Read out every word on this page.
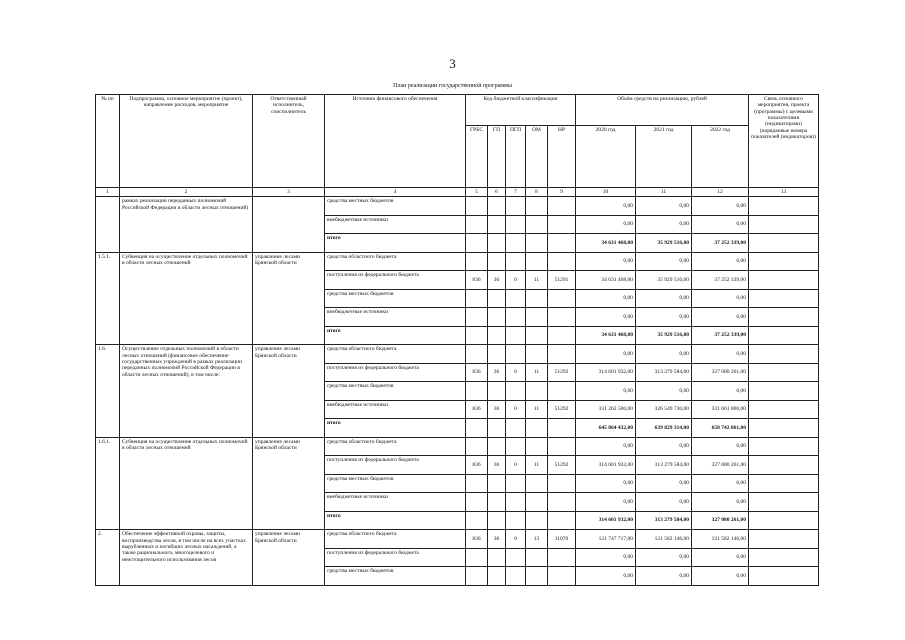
3
План реализации государственной программы
№ пп	Подпрограмма, основное мероприятие (проект), направление расходов, мероприятие	Ответственный исполнитель, соисполнитель	Источник финансового обеспечения	Код бюджетной классификации					Объём средств на реализацию, рублей			Связь основного мероприятия, проекта (программы) с целевыми показателями (индикаторами) (порядковые номера показателей (индикаторов))
				ГРБС	ГП	ПГП	ОМ	НР	2020 год	2021 год	2022 год	
1	2	3	4	5	6	7	8	9	10	11	12	13
	рамках реализации переданных полномочий Российской Федерации в области лесных отношений)		средства местных бюджетов						0,00	0,00	0,00	
			внебюджетные источники						0,00	0,00	0,00	
			итого						34 631 468,00	35 929 516,00	37 252 339,00	
1.5.1.	Субвенция на осуществление отдельных полномочий в области лесных отношений	управление лесами Брянской области	средства областного бюджета						0,00	0,00	0,00	
			поступления из федерального бюджета	836	36	0	11	51291	34 631 468,00	35 929 516,00	37 252 339,00	
			средства местных бюджетов						0,00	0,00	0,00	
			внебюджетные источники						0,00	0,00	0,00	
			итого						34 631 468,00	35 929 516,00	37 252 339,00	
1.6.	Осуществление отдельных полномочий в области лесных отношений (финансовое обеспечение государственных учреждений в рамках реализации переданных полномочий Российской Федерации в области лесных отношений), в том числе:	управление лесами Брянской области	средства областного бюджета						0,00	0,00	0,00	
			поступления из федерального бюджета	836	36	0	11	51292	314 601 932,00	313 279 584,00	327 080 261,00	
			средства местных бюджетов						0,00	0,00	0,00	
			внебюджетные источники	836	36	0	11	51292	331 262 500,00	326 549 730,00	331 661 800,00	
			итого						645 864 432,00	639 829 314,00	658 742 061,00	
1.6.1.	Субвенция на осуществление отдельных полномочий в области лесных отношений	управление лесами Брянской области	средства областного бюджета						0,00	0,00	0,00	
			поступления из федерального бюджета	836	36	0	11	51292	314 601 932,00	313 279 584,00	327 080 261,00	
			средства местных бюджетов						0,00	0,00	0,00	
			внебюджетные источники						0,00	0,00	0,00	
			итого						314 601 932,00	313 279 584,00	327 080 261,00	
2.	Обеспечение эффективной охраны, защиты, воспроизводства лесов, в том числе на всех участках вырубленных и погибших лесных насаждений, а также рационального, многоцелевого и неистощительного использования лесов	управление лесами Брянской области	средства областного бюджета	836	36	0	13	11070	121 747 717,00	121 582 146,00	121 582 146,00	
			поступления из федерального бюджета						0,00	0,00	0,00	
			средства местных бюджетов						0,00	0,00	0,00	
